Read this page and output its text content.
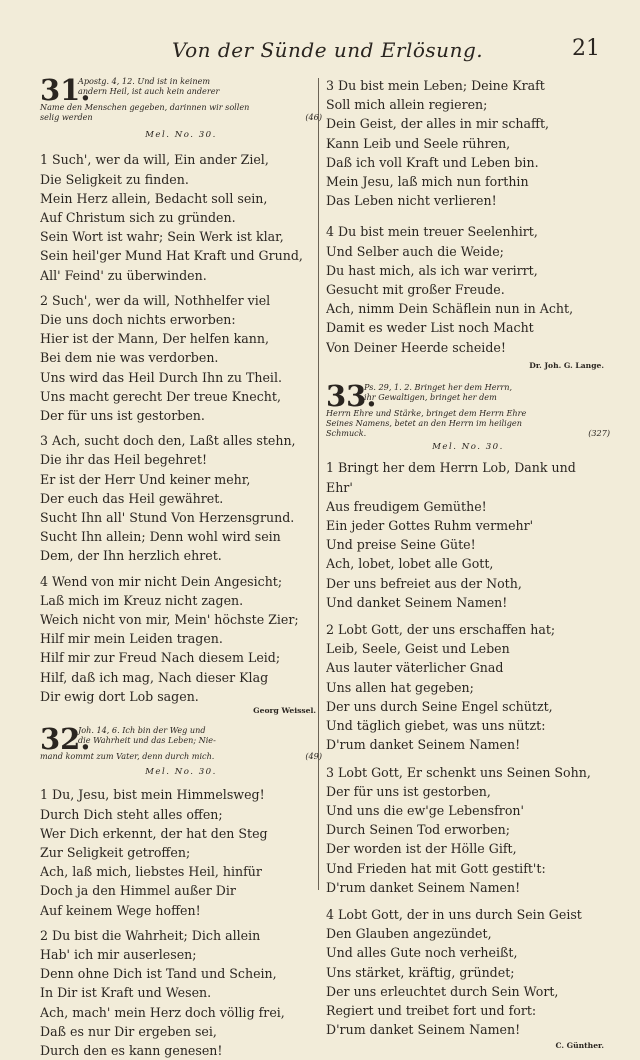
Von der Sünde und Erlösung.	21
31.
Apostg. 4, 12. Und ist in keinem
andern Heil, ist auch kein anderer
Name den Menschen gegeben, darinnen wir sollen
selig werden	(46)
Mel. No. 30.
1 Such', wer da will, Ein ander Ziel,
Die Seligkeit zu finden.
Mein Herz allein, Bedacht soll sein,
Auf Christum sich zu gründen.
Sein Wort ist wahr; Sein Werk ist klar,
Sein heil'ger Mund Hat Kraft und Grund,
All' Feind' zu überwinden.
2 Such', wer da will, Nothhelfer viel
Die uns doch nichts erworben:
Hier ist der Mann, Der helfen kann,
Bei dem nie was verdorben.
Uns wird das Heil Durch Ihn zu Theil.
Uns macht gerecht Der treue Knecht,
Der für uns ist gestorben.
3 Ach, sucht doch den, Laßt alles stehn,
Die ihr das Heil begehret!
Er ist der Herr Und keiner mehr,
Der euch das Heil gewähret.
Sucht Ihn all' Stund Von Herzensgrund.
Sucht Ihn allein; Denn wohl wird sein
Dem, der Ihn herzlich ehret.
4 Wend von mir nicht Dein Angesicht;
Laß mich im Kreuz nicht zagen.
Weich nicht von mir, Mein' höchste Zier;
Hilf mir mein Leiden tragen.
Hilf mir zur Freud Nach diesem Leid;
Hilf, daß ich mag, Nach dieser Klag
Dir ewig dort Lob sagen.
Georg Weissel.
32.
Joh. 14, 6. Ich bin der Weg und
die Wahrheit und das Leben; Nie-
mand kommt zum Vater, denn durch mich.	(49)
Mel. No. 30.
1 Du, Jesu, bist mein Himmelsweg!
Durch Dich steht alles offen;
Wer Dich erkennt, der hat den Steg
Zur Seligkeit getroffen;
Ach, laß mich, liebstes Heil, hinfür
Doch ja den Himmel außer Dir
Auf keinem Wege hoffen!
2 Du bist die Wahrheit; Dich allein
Hab' ich mir auserlesen;
Denn ohne Dich ist Tand und Schein,
In Dir ist Kraft und Wesen.
Ach, mach' mein Herz doch völlig frei,
Daß es nur Dir ergeben sei,
Durch den es kann genesen!
3 Du bist mein Leben; Deine Kraft
Soll mich allein regieren;
Dein Geist, der alles in mir schafft,
Kann Leib und Seele rühren,
Daß ich voll Kraft und Leben bin.
Mein Jesu, laß mich nun forthin
Das Leben nicht verlieren!
4 Du bist mein treuer Seelenhirt,
Und Selber auch die Weide;
Du hast mich, als ich war verirrt,
Gesucht mit großer Freude.
Ach, nimm Dein Schäflein nun in Acht,
Damit es weder List noch Macht
Von Deiner Heerde scheide!
Dr. Joh. G. Lange.
33.
Ps. 29, 1. 2. Bringet her dem Herrn,
ihr Gewaltigen, bringet her dem
Herrn Ehre und Stärke, bringet dem Herrn Ehre
Seines Namens, betet an den Herrn im heiligen
Schmuck.	(327)
Mel. No. 30.
1 Bringt her dem Herrn Lob, Dank und
Ehr'
Aus freudigem Gemüthe!
Ein jeder Gottes Ruhm vermehr'
Und preise Seine Güte!
Ach, lobet, lobet alle Gott,
Der uns befreiet aus der Noth,
Und danket Seinem Namen!
2 Lobt Gott, der uns erschaffen hat;
Leib, Seele, Geist und Leben
Aus lauter väterlicher Gnad
Uns allen hat gegeben;
Der uns durch Seine Engel schützt,
Und täglich giebet, was uns nützt:
D'rum danket Seinem Namen!
3 Lobt Gott, Er schenkt uns Seinen Sohn,
Der für uns ist gestorben,
Und uns die ew'ge Lebensfron'
Durch Seinen Tod erworben;
Der worden ist der Hölle Gift,
Und Frieden hat mit Gott gestift't:
D'rum danket Seinem Namen!
4 Lobt Gott, der in uns durch Sein Geist
Den Glauben angezündet,
Und alles Gute noch verheißt,
Uns stärket, kräftig, gründet;
Der uns erleuchtet durch Sein Wort,
Regiert und treibet fort und fort:
D'rum danket Seinem Namen!
C. Günther.
